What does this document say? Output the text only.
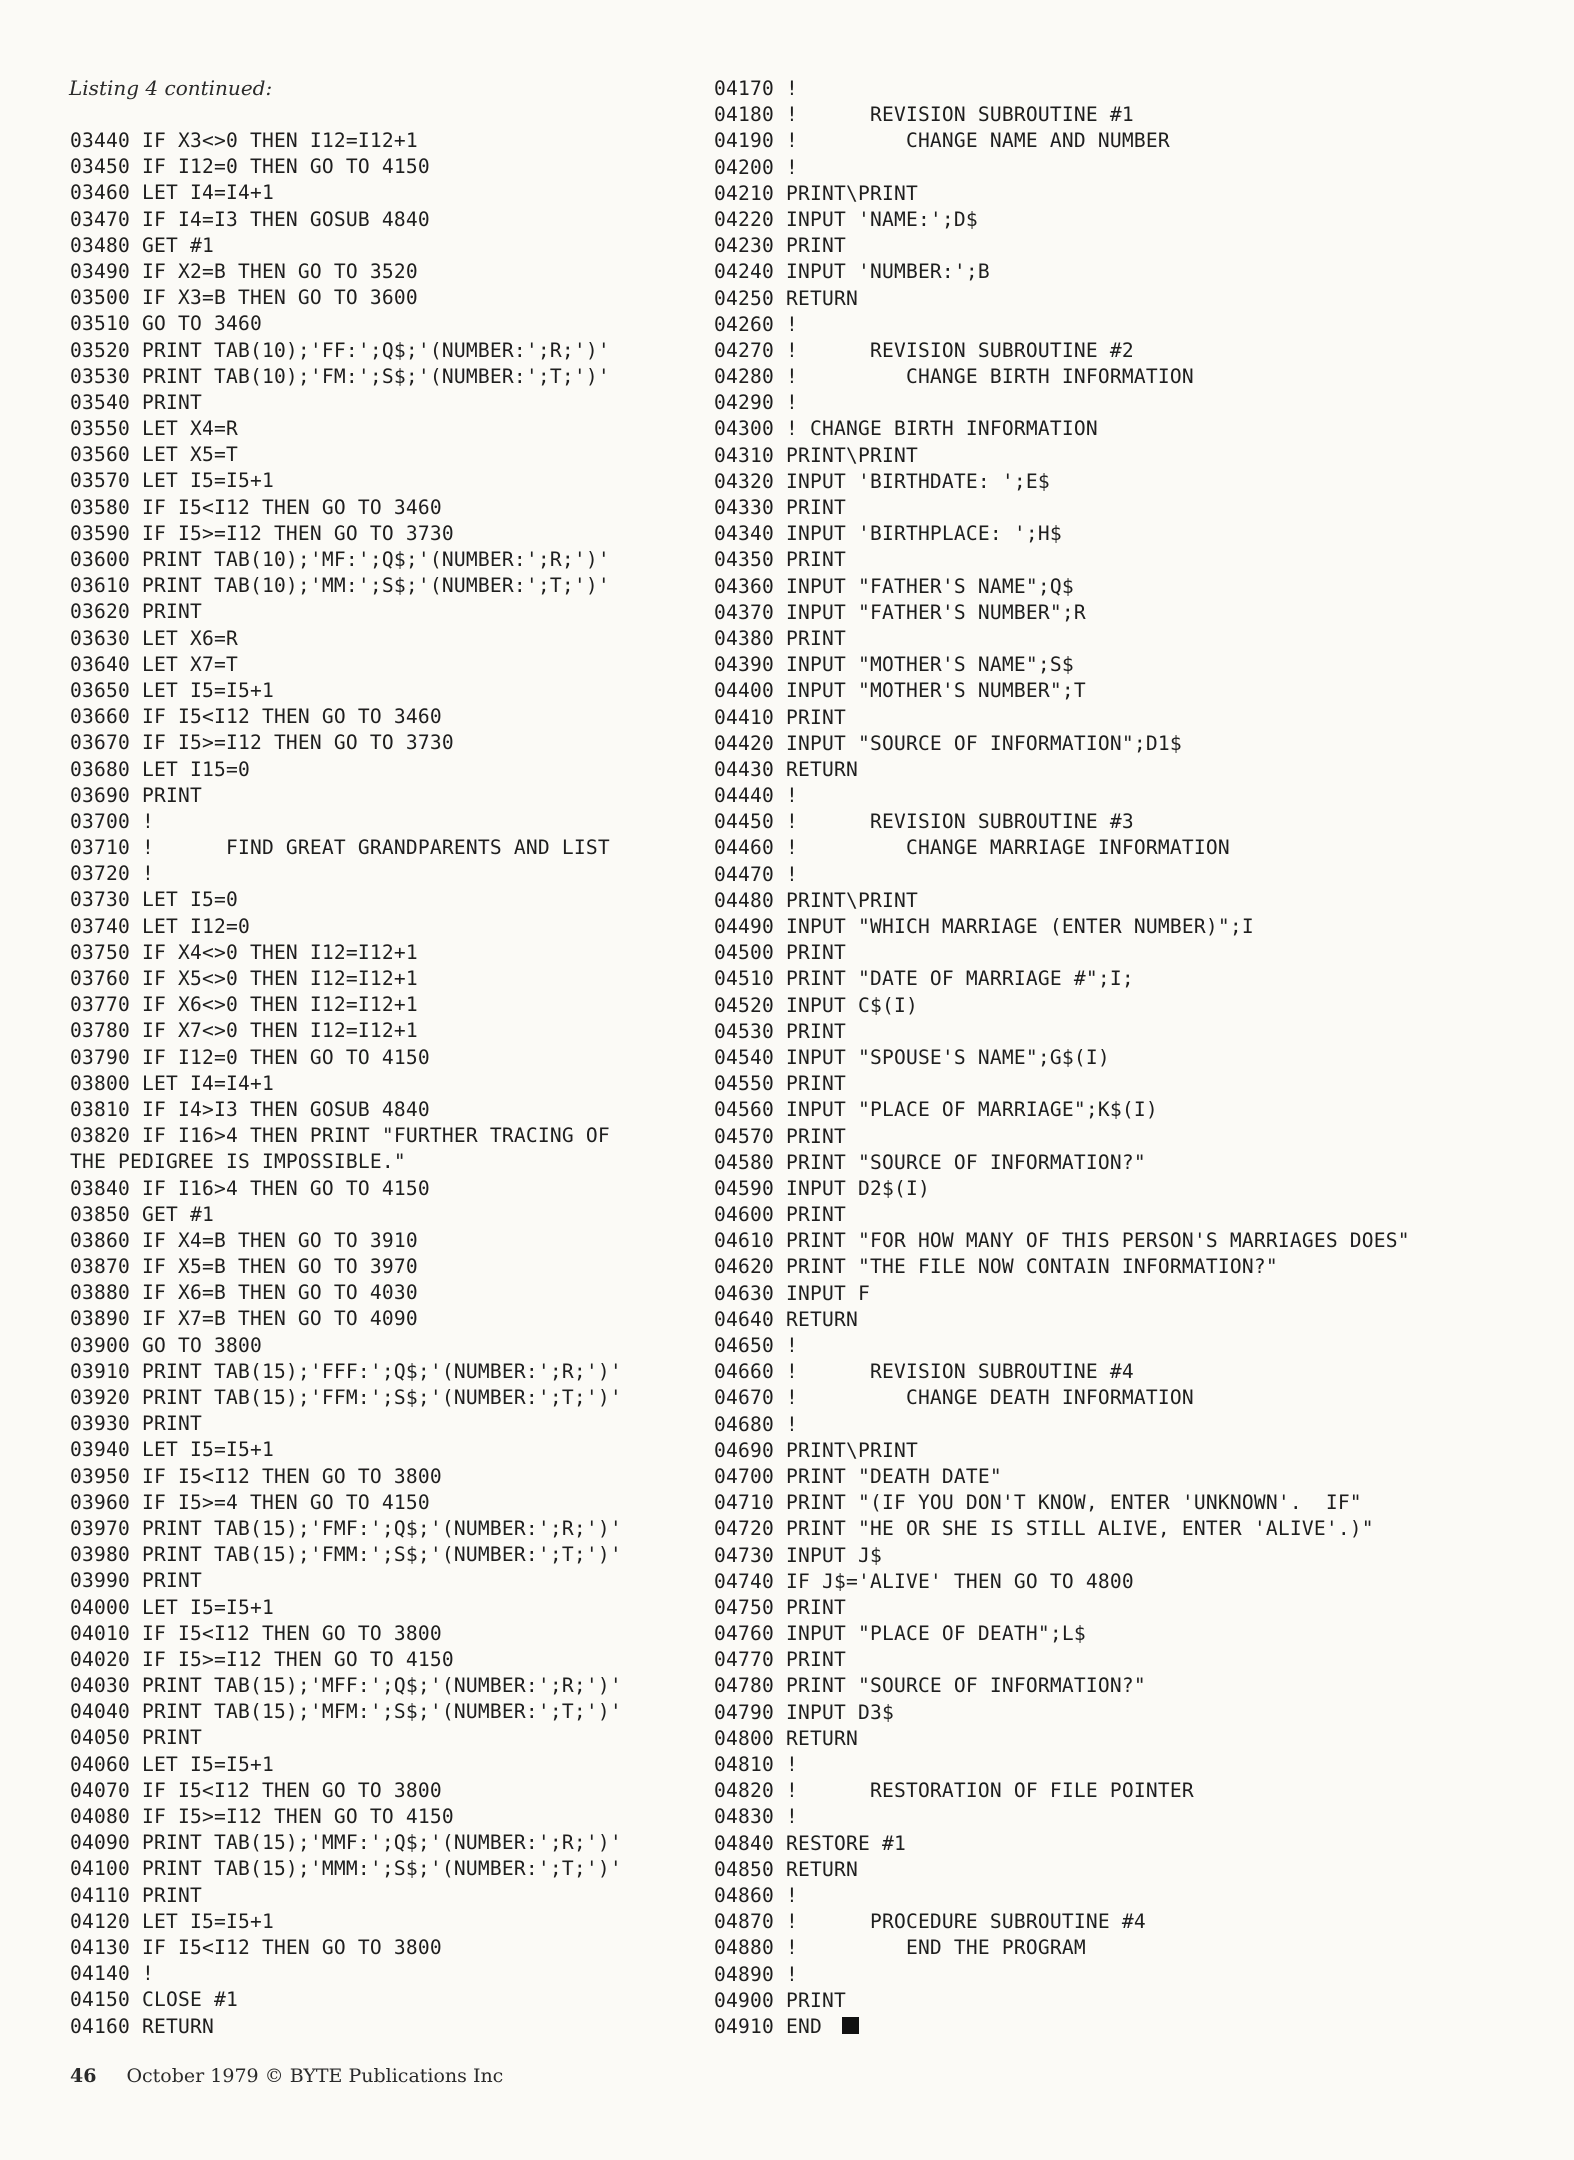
Listing 4 continued:
03440 IF X3<>0 THEN I12=I12+1
03450 IF I12=0 THEN GO TO 4150
03460 LET I4=I4+1
03470 IF I4=I3 THEN GOSUB 4840
03480 GET #1
03490 IF X2=B THEN GO TO 3520
03500 IF X3=B THEN GO TO 3600
03510 GO TO 3460
03520 PRINT TAB(10);'FF:';Q$;'(NUMBER:';R;')'
03530 PRINT TAB(10);'FM:';S$;'(NUMBER:';T;')'
03540 PRINT
03550 LET X4=R
03560 LET X5=T
03570 LET I5=I5+1
03580 IF I5<I12 THEN GO TO 3460
03590 IF I5>=I12 THEN GO TO 3730
03600 PRINT TAB(10);'MF:';Q$;'(NUMBER:';R;')'
03610 PRINT TAB(10);'MM:';S$;'(NUMBER:';T;')'
03620 PRINT
03630 LET X6=R
03640 LET X7=T
03650 LET I5=I5+1
03660 IF I5<I12 THEN GO TO 3460
03670 IF I5>=I12 THEN GO TO 3730
03680 LET I15=0
03690 PRINT
03700 !
03710 !      FIND GREAT GRANDPARENTS AND LIST
03720 !
03730 LET I5=0
03740 LET I12=0
03750 IF X4<>0 THEN I12=I12+1
03760 IF X5<>0 THEN I12=I12+1
03770 IF X6<>0 THEN I12=I12+1
03780 IF X7<>0 THEN I12=I12+1
03790 IF I12=0 THEN GO TO 4150
03800 LET I4=I4+1
03810 IF I4>I3 THEN GOSUB 4840
03820 IF I16>4 THEN PRINT "FURTHER TRACING OF
THE PEDIGREE IS IMPOSSIBLE."
03840 IF I16>4 THEN GO TO 4150
03850 GET #1
03860 IF X4=B THEN GO TO 3910
03870 IF X5=B THEN GO TO 3970
03880 IF X6=B THEN GO TO 4030
03890 IF X7=B THEN GO TO 4090
03900 GO TO 3800
03910 PRINT TAB(15);'FFF:';Q$;'(NUMBER:';R;')'
03920 PRINT TAB(15);'FFM:';S$;'(NUMBER:';T;')'
03930 PRINT
03940 LET I5=I5+1
03950 IF I5<I12 THEN GO TO 3800
03960 IF I5>=4 THEN GO TO 4150
03970 PRINT TAB(15);'FMF:';Q$;'(NUMBER:';R;')'
03980 PRINT TAB(15);'FMM:';S$;'(NUMBER:';T;')'
03990 PRINT
04000 LET I5=I5+1
04010 IF I5<I12 THEN GO TO 3800
04020 IF I5>=I12 THEN GO TO 4150
04030 PRINT TAB(15);'MFF:';Q$;'(NUMBER:';R;')'
04040 PRINT TAB(15);'MFM:';S$;'(NUMBER:';T;')'
04050 PRINT
04060 LET I5=I5+1
04070 IF I5<I12 THEN GO TO 3800
04080 IF I5>=I12 THEN GO TO 4150
04090 PRINT TAB(15);'MMF:';Q$;'(NUMBER:';R;')'
04100 PRINT TAB(15);'MMM:';S$;'(NUMBER:';T;')'
04110 PRINT
04120 LET I5=I5+1
04130 IF I5<I12 THEN GO TO 3800
04140 !
04150 CLOSE #1
04160 RETURN
04170 !
04180 !      REVISION SUBROUTINE #1
04190 !         CHANGE NAME AND NUMBER
04200 !
04210 PRINT\PRINT
04220 INPUT 'NAME:';D$
04230 PRINT
04240 INPUT 'NUMBER:';B
04250 RETURN
04260 !
04270 !      REVISION SUBROUTINE #2
04280 !         CHANGE BIRTH INFORMATION
04290 !
04300 ! CHANGE BIRTH INFORMATION
04310 PRINT\PRINT
04320 INPUT 'BIRTHDATE: ';E$
04330 PRINT
04340 INPUT 'BIRTHPLACE: ';H$
04350 PRINT
04360 INPUT "FATHER'S NAME";Q$
04370 INPUT "FATHER'S NUMBER";R
04380 PRINT
04390 INPUT "MOTHER'S NAME";S$
04400 INPUT "MOTHER'S NUMBER";T
04410 PRINT
04420 INPUT "SOURCE OF INFORMATION";D1$
04430 RETURN
04440 !
04450 !      REVISION SUBROUTINE #3
04460 !         CHANGE MARRIAGE INFORMATION
04470 !
04480 PRINT\PRINT
04490 INPUT "WHICH MARRIAGE (ENTER NUMBER)";I
04500 PRINT
04510 PRINT "DATE OF MARRIAGE #";I;
04520 INPUT C$(I)
04530 PRINT
04540 INPUT "SPOUSE'S NAME";G$(I)
04550 PRINT
04560 INPUT "PLACE OF MARRIAGE";K$(I)
04570 PRINT
04580 PRINT "SOURCE OF INFORMATION?"
04590 INPUT D2$(I)
04600 PRINT
04610 PRINT "FOR HOW MANY OF THIS PERSON'S MARRIAGES DOES"
04620 PRINT "THE FILE NOW CONTAIN INFORMATION?"
04630 INPUT F
04640 RETURN
04650 !
04660 !      REVISION SUBROUTINE #4
04670 !         CHANGE DEATH INFORMATION
04680 !
04690 PRINT\PRINT
04700 PRINT "DEATH DATE"
04710 PRINT "(IF YOU DON'T KNOW, ENTER 'UNKNOWN'.  IF"
04720 PRINT "HE OR SHE IS STILL ALIVE, ENTER 'ALIVE'.)"
04730 INPUT J$
04740 IF J$='ALIVE' THEN GO TO 4800
04750 PRINT
04760 INPUT "PLACE OF DEATH";L$
04770 PRINT
04780 PRINT "SOURCE OF INFORMATION?"
04790 INPUT D3$
04800 RETURN
04810 !
04820 !      RESTORATION OF FILE POINTER
04830 !
04840 RESTORE #1
04850 RETURN
04860 !
04870 !      PROCEDURE SUBROUTINE #4
04880 !         END THE PROGRAM
04890 !
04900 PRINT
04910 END
46 October 1979 © BYTE Publications Inc
